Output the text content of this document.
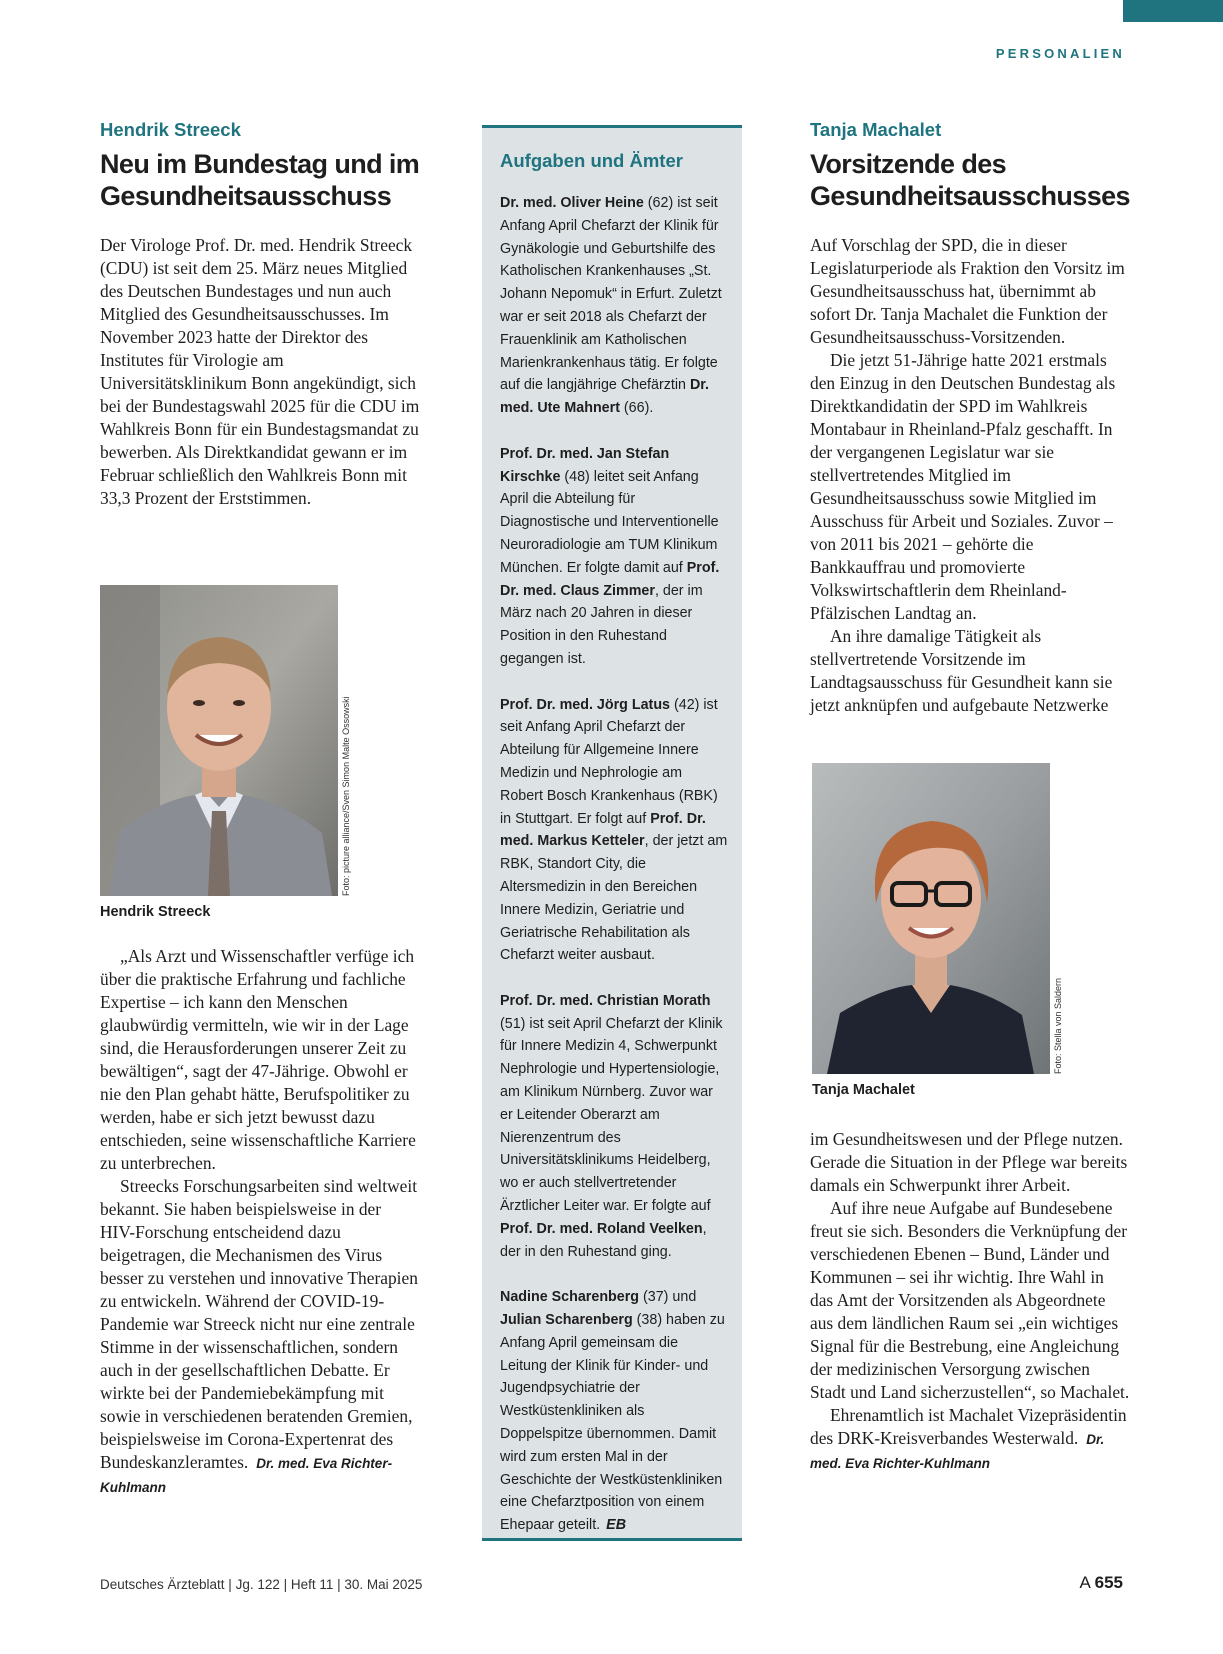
PERSONALIEN
Hendrik Streeck
Neu im Bundestag und im
Gesundheitsausschuss

Der Virologe Prof. Dr. med. Hendrik Streeck (CDU) ist seit dem 25. März neues Mitglied des Deutschen Bundestages und nun auch Mitglied des Gesundheitsausschusses. Im November 2023 hatte der Direktor des Institutes für Virologie am Universitätsklinikum Bonn angekündigt, sich bei der Bundestagswahl 2025 für die CDU im Wahlkreis Bonn für ein Bundestagsmandat zu bewerben. Als Direktkandidat gewann er im Februar schließlich den Wahlkreis Bonn mit 33,3 Prozent der Erststimmen.

Foto: picture alliance/Sven Simon Malte Ossowski
Hendrik Streeck

„Als Arzt und Wissenschaftler verfüge ich über die praktische Erfahrung und fachliche Expertise – ich kann den Menschen glaubwürdig vermitteln, wie wir in der Lage sind, die Herausforderungen unserer Zeit zu bewältigen“, sagt der 47-Jährige. Obwohl er nie den Plan gehabt hätte, Berufspolitiker zu werden, habe er sich jetzt bewusst dazu entschieden, seine wissenschaftliche Karriere zu unterbrechen.

Streecks Forschungsarbeiten sind weltweit bekannt. Sie haben beispielsweise in der HIV-Forschung entscheidend dazu beigetragen, die Mechanismen des Virus besser zu verstehen und innovative Therapien zu entwickeln. Während der COVID-19-Pandemie war Streeck nicht nur eine zentrale Stimme in der wissenschaftlichen, sondern auch in der gesellschaftlichen Debatte. Er wirkte bei der Pandemiebekämpfung mit sowie in verschiedenen beratenden Gremien, beispielsweise im Corona-Expertenrat des Bundeskanzleramtes. Dr. med. Eva Richter-Kuhlmann

Aufgaben und Ämter

Dr. med. Oliver Heine (62) ist seit Anfang April Chefarzt der Klinik für Gynäkologie und Geburtshilfe des Katholischen Krankenhauses „St. Johann Nepomuk“ in Erfurt. Zuletzt war er seit 2018 als Chefarzt der Frauenklinik am Katholischen Marienkrankenhaus tätig. Er folgte auf die langjährige Chefärztin Dr. med. Ute Mahnert (66).

Prof. Dr. med. Jan Stefan Kirschke (48) leitet seit Anfang April die Abteilung für Diagnostische und Interventionelle Neuroradiologie am TUM Klinikum München. Er folgte damit auf Prof. Dr. med. Claus Zimmer, der im März nach 20 Jahren in dieser Position in den Ruhestand gegangen ist.

Prof. Dr. med. Jörg Latus (42) ist seit Anfang April Chefarzt der Abteilung für Allgemeine Innere Medizin und Nephrologie am Robert Bosch Krankenhaus (RBK) in Stuttgart. Er folgt auf Prof. Dr. med. Markus Ketteler, der jetzt am RBK, Standort City, die Altersmedizin in den Bereichen Innere Medizin, Geriatrie und Geriatrische Rehabilitation als Chefarzt weiter ausbaut.

Prof. Dr. med. Christian Morath (51) ist seit April Chefarzt der Klinik für Innere Medizin 4, Schwerpunkt Nephrologie und Hypertensiologie, am Klinikum Nürnberg. Zuvor war er Leitender Oberarzt am Nierenzentrum des Universitätsklinikums Heidelberg, wo er auch stellvertretender Ärztlicher Leiter war. Er folgte auf Prof. Dr. med. Roland Veelken, der in den Ruhestand ging.

Nadine Scharenberg (37) und Julian Scharenberg (38) haben zu Anfang April gemeinsam die Leitung der Klinik für Kinder- und Jugendpsychiatrie der Westküstenkliniken als Doppelspitze übernommen. Damit wird zum ersten Mal in der Geschichte der Westküstenkliniken eine Chefarztposition von einem Ehepaar geteilt. EB

Tanja Machalet
Vorsitzende des
Gesundheitsausschusses

Auf Vorschlag der SPD, die in dieser Legislaturperiode als Fraktion den Vorsitz im Gesundheitsausschuss hat, übernimmt ab sofort Dr. Tanja Machalet die Funktion der Gesundheitsausschuss-Vorsitzenden.

Die jetzt 51-Jährige hatte 2021 erstmals den Einzug in den Deutschen Bundestag als Direktkandidatin der SPD im Wahlkreis Montabaur in Rheinland-Pfalz geschafft. In der vergangenen Legislatur war sie stellvertretendes Mitglied im Gesundheitsausschuss sowie Mitglied im Ausschuss für Arbeit und Soziales. Zuvor – von 2011 bis 2021 – gehörte die Bankkauffrau und promovierte Volkswirtschaftlerin dem Rheinland-Pfälzischen Landtag an.

An ihre damalige Tätigkeit als stellvertretende Vorsitzende im Landtagsausschuss für Gesundheit kann sie jetzt anknüpfen und aufgebaute Netzwerke

Foto: Stella von Saldern
Tanja Machalet

im Gesundheitswesen und der Pflege nutzen. Gerade die Situation in der Pflege war bereits damals ein Schwerpunkt ihrer Arbeit.

Auf ihre neue Aufgabe auf Bundesebene freut sie sich. Besonders die Verknüpfung der verschiedenen Ebenen – Bund, Länder und Kommunen – sei ihr wichtig. Ihre Wahl in das Amt der Vorsitzenden als Abgeordnete aus dem ländlichen Raum sei „ein wichtiges Signal für die Bestrebung, eine Angleichung der medizinischen Versorgung zwischen Stadt und Land sicherzustellen“, so Machalet.

Ehrenamtlich ist Machalet Vizepräsidentin des DRK-Kreisverbandes Westerwald. Dr. med. Eva Richter-Kuhlmann

Deutsches Ärzteblatt | Jg. 122 | Heft 11 | 30. Mai 2025	A 655
